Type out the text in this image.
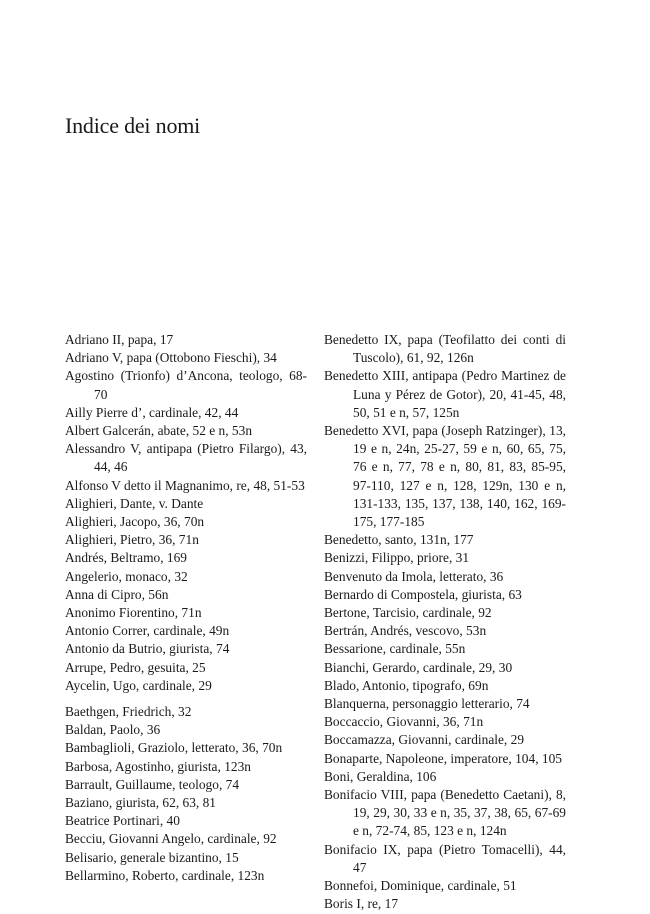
Indice dei nomi

Adriano II, papa, 17

Adriano V, papa (Ottobono Fieschi), 34

Agostino (Trionfo) d’Ancona, teologo, 68-70

Ailly Pierre d’, cardinale, 42, 44

Albert Galcerán, abate, 52 e n, 53n

Alessandro V, antipapa (Pietro Filargo), 43, 44, 46

Alfonso V detto il Magnanimo, re, 48, 51-53

Alighieri, Dante, v. Dante

Alighieri, Jacopo, 36, 70n

Alighieri, Pietro, 36, 71n

Andrés, Beltramo, 169

Angelerio, monaco, 32

Anna di Cipro, 56n

Anonimo Fiorentino, 71n

Antonio Correr, cardinale, 49n

Antonio da Butrio, giurista, 74

Arrupe, Pedro, gesuita, 25

Aycelin, Ugo, cardinale, 29

Baethgen, Friedrich, 32

Baldan, Paolo, 36

Bambaglioli, Graziolo, letterato, 36, 70n

Barbosa, Agostinho, giurista, 123n

Barrault, Guillaume, teologo, 74

Baziano, giurista, 62, 63, 81

Beatrice Portinari, 40

Becciu, Giovanni Angelo, cardinale, 92

Belisario, generale bizantino, 15

Bellarmino, Roberto, cardinale, 123n

Benedetto IX, papa (Teofilatto dei conti di Tuscolo), 61, 92, 126n

Benedetto XIII, antipapa (Pedro Martinez de Luna y Pérez de Gotor), 20, 41-45, 48, 50, 51 e n, 57, 125n

Benedetto XVI, papa (Joseph Ratzinger), 13, 19 e n, 24n, 25-27, 59 e n, 60, 65, 75, 76 e n, 77, 78 e n, 80, 81, 83, 85-95, 97-110, 127 e n, 128, 129n, 130 e n, 131-133, 135, 137, 138, 140, 162, 169-175, 177-185

Benedetto, santo, 131n, 177

Benizzi, Filippo, priore, 31

Benvenuto da Imola, letterato, 36

Bernardo di Compostela, giurista, 63

Bertone, Tarcisio, cardinale, 92

Bertrán, Andrés, vescovo, 53n

Bessarione, cardinale, 55n

Bianchi, Gerardo, cardinale, 29, 30

Blado, Antonio, tipografo, 69n

Blanquerna, personaggio letterario, 74

Boccaccio, Giovanni, 36, 71n

Boccamazza, Giovanni, cardinale, 29

Bonaparte, Napoleone, imperatore, 104, 105

Boni, Geraldina, 106

Bonifacio VIII, papa (Benedetto Caetani), 8, 19, 29, 30, 33 e n, 35, 37, 38, 65, 67-69 e n, 72-74, 85, 123 e n, 124n

Bonifacio IX, papa (Pietro Tomacelli), 44, 47

Bonnefoi, Dominique, cardinale, 51

Boris I, re, 17
